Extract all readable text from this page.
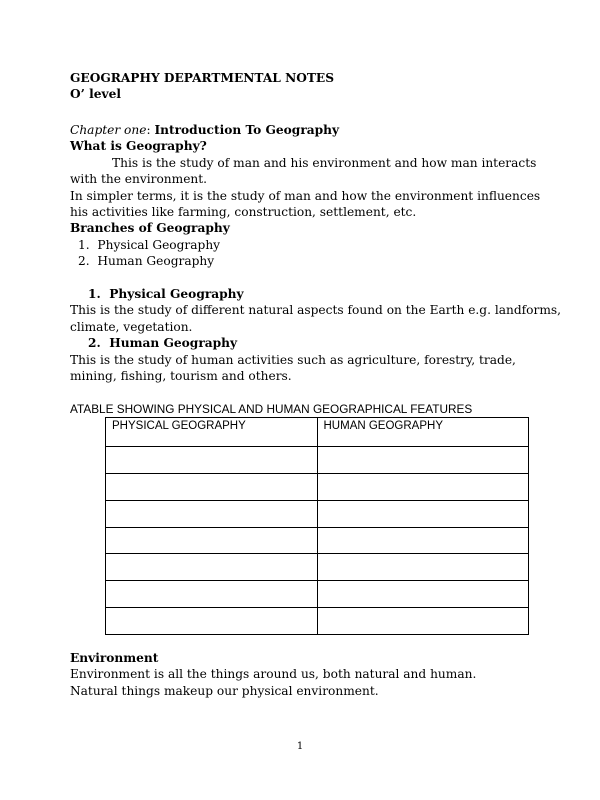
GEOGRAPHY DEPARTMENTAL NOTES
O’ level
Chapter one: Introduction To Geography
What is Geography?
This is the study of man and his environment and how man interacts
with the environment.
In simpler terms, it is the study of man and how the environment influences
his activities like farming, construction, settlement, etc.
Branches of Geography
1. Physical Geography
2. Human Geography
1. Physical Geography
This is the study of different natural aspects found on the Earth e.g. landforms,
climate, vegetation.
2. Human Geography
This is the study of human activities such as agriculture, forestry, trade,
mining, fishing, tourism and others.
ATABLE SHOWING PHYSICAL AND HUMAN GEOGRAPHICAL FEATURES
PHYSICAL GEOGRAPHY	HUMAN GEOGRAPHY

Environment
Environment is all the things around us, both natural and human.
Natural things makeup our physical environment.
1
